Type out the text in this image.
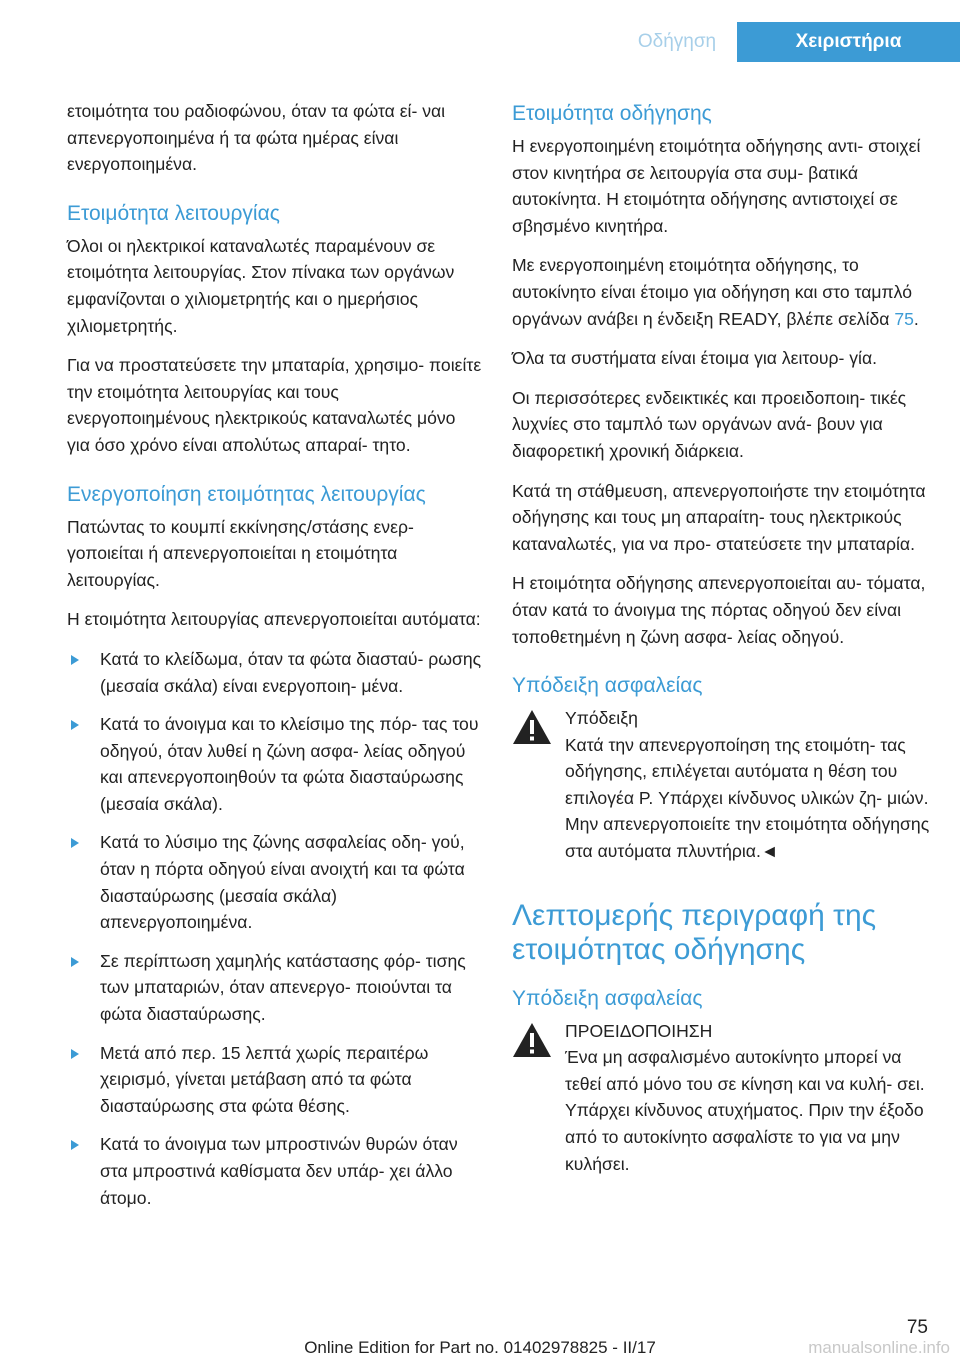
Οδήγηση	Χειριστήρια

ετοιμότητα του ραδιοφώνου, όταν τα φώτα εί- ναι απενεργοποιημένα ή τα φώτα ημέρας είναι ενεργοποιημένα.

Ετοιμότητα λειτουργίας

Όλοι οι ηλεκτρικοί καταναλωτές παραμένουν σε ετοιμότητα λειτουργίας. Στον πίνακα των οργάνων εμφανίζονται ο χιλιομετρητής και ο ημερήσιος χιλιομετρητής.

Για να προστατεύσετε την μπαταρία, χρησιμο- ποιείτε την ετοιμότητα λειτουργίας και τους ενεργοποιημένους ηλεκτρικούς καταναλωτές μόνο για όσο χρόνο είναι απολύτως απαραί- τητο.

Ενεργοποίηση ετοιμότητας λειτουργίας

Πατώντας το κουμπί εκκίνησης/στάσης ενερ- γοποιείται ή απενεργοποιείται η ετοιμότητα λειτουργίας.

Η ετοιμότητα λειτουργίας απενεργοποιείται αυτόματα:

Κατά το κλείδωμα, όταν τα φώτα διασταύ- ρωσης (μεσαία σκάλα) είναι ενεργοποιη- μένα.
Κατά το άνοιγμα και το κλείσιμο της πόρ- τας του οδηγού, όταν λυθεί η ζώνη ασφα- λείας οδηγού και απενεργοποιηθούν τα φώτα διασταύρωσης (μεσαία σκάλα).
Κατά το λύσιμο της ζώνης ασφαλείας οδη- γού, όταν η πόρτα οδηγού είναι ανοιχτή και τα φώτα διασταύρωσης (μεσαία σκάλα) απενεργοποιημένα.
Σε περίπτωση χαμηλής κατάστασης φόρ- τισης των μπαταριών, όταν απενεργο- ποιούνται τα φώτα διασταύρωσης.
Μετά από περ. 15 λεπτά χωρίς περαιτέρω χειρισμό, γίνεται μετάβαση από τα φώτα διασταύρωσης στα φώτα θέσης.
Κατά το άνοιγμα των μπροστινών θυρών όταν στα μπροστινά καθίσματα δεν υπάρ- χει άλλο άτομο.
Ετοιμότητα οδήγησης

Η ενεργοποιημένη ετοιμότητα οδήγησης αντι- στοιχεί στον κινητήρα σε λειτουργία στα συμ- βατικά αυτοκίνητα. Η ετοιμότητα οδήγησης αντιστοιχεί σε σβησμένο κινητήρα.

Με ενεργοποιημένη ετοιμότητα οδήγησης, το αυτοκίνητο είναι έτοιμο για οδήγηση και στο ταμπλό οργάνων ανάβει η ένδειξη READY, βλέπε σελίδα 75.

Όλα τα συστήματα είναι έτοιμα για λειτουρ- γία.

Οι περισσότερες ενδεικτικές και προειδοποιη- τικές λυχνίες στο ταμπλό των οργάνων ανά- βουν για διαφορετική χρονική διάρκεια.

Κατά τη στάθμευση, απενεργοποιήστε την ετοιμότητα οδήγησης και τους μη απαραίτη- τους ηλεκτρικούς καταναλωτές, για να προ- στατεύσετε την μπαταρία.

Η ετοιμότητα οδήγησης απενεργοποιείται αυ- τόματα, όταν κατά το άνοιγμα της πόρτας οδηγού δεν είναι τοποθετημένη η ζώνη ασφα- λείας οδηγού.

Υπόδειξη ασφαλείας

Υπόδειξη

Κατά την απενεργοποίηση της ετοιμότη- τας οδήγησης, επιλέγεται αυτόματα η θέση του επιλογέα P. Υπάρχει κίνδυνος υλικών ζη- μιών. Μην απενεργοποιείτε την ετοιμότητα οδήγησης στα αυτόματα πλυντήρια.◄

Λεπτομερής περιγραφή της ετοιμότητας οδήγησης
Υπόδειξη ασφαλείας

ΠΡΟΕΙΔΟΠΟΙΗΣΗ

Ένα μη ασφαλισμένο αυτοκίνητο μπορεί να τεθεί από μόνο του σε κίνηση και να κυλή- σει. Υπάρχει κίνδυνος ατυχήματος. Πριν την έξοδο από το αυτοκίνητο ασφαλίστε το για να μην κυλήσει.

75
Online Edition for Part no. 01402978825 - II/17	manualsonline.info
